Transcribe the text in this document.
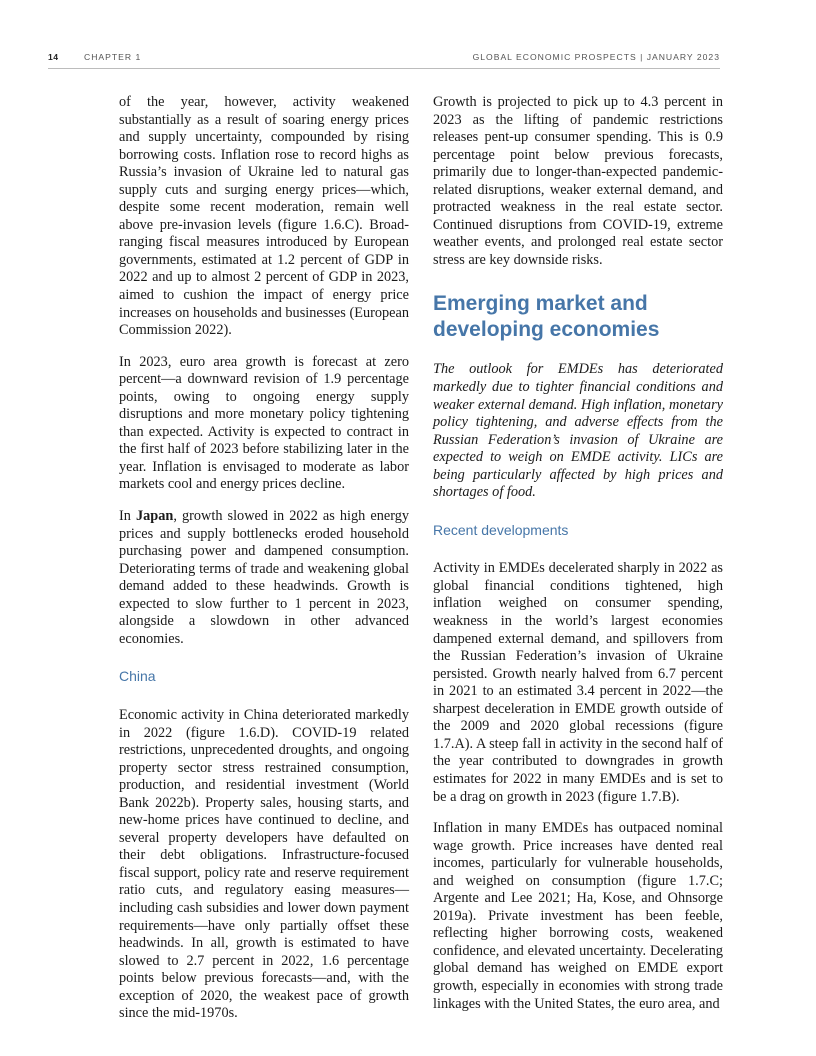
14	CHAPTER 1	GLOBAL ECONOMIC PROSPECTS | JANUARY 2023

of the year, however, activity weakened substantially as a result of soaring energy prices and supply uncertainty, compounded by rising borrowing costs. Inflation rose to record highs as Russia’s invasion of Ukraine led to natural gas supply cuts and surging energy prices—which, despite some recent moderation, remain well above pre-invasion levels (figure 1.6.C). Broad-ranging fiscal measures introduced by European governments, estimated at 1.2 percent of GDP in 2022 and up to almost 2 percent of GDP in 2023, aimed to cushion the impact of energy price increases on households and businesses (European Commission 2022).

In 2023, euro area growth is forecast at zero percent—a downward revision of 1.9 percentage points, owing to ongoing energy supply disruptions and more monetary policy tightening than expected. Activity is expected to contract in the first half of 2023 before stabilizing later in the year. Inflation is envisaged to moderate as labor markets cool and energy prices decline.

In Japan, growth slowed in 2022 as high energy prices and supply bottlenecks eroded household purchasing power and dampened consumption. Deteriorating terms of trade and weakening global demand added to these headwinds. Growth is expected to slow further to 1 percent in 2023, alongside a slowdown in other advanced economies.

China

Economic activity in China deteriorated markedly in 2022 (figure 1.6.D). COVID-19 related restrictions, unprecedented droughts, and ongoing property sector stress restrained consumption, production, and residential investment (World Bank 2022b). Property sales, housing starts, and new-home prices have continued to decline, and several property developers have defaulted on their debt obligations. Infrastructure-focused fiscal support, policy rate and reserve requirement ratio cuts, and regulatory easing measures—including cash subsidies and lower down payment requirements—have only partially offset these headwinds. In all, growth is estimated to have slowed to 2.7 percent in 2022, 1.6 percentage points below previous forecasts—and, with the exception of 2020, the weakest pace of growth since the mid-1970s.

Growth is projected to pick up to 4.3 percent in 2023 as the lifting of pandemic restrictions releases pent-up consumer spending. This is 0.9 percentage point below previous forecasts, primarily due to longer-than-expected pandemic-related disruptions, weaker external demand, and protracted weakness in the real estate sector. Continued disruptions from COVID-19, extreme weather events, and prolonged real estate sector stress are key downside risks.

Emerging market and developing economies

The outlook for EMDEs has deteriorated markedly due to tighter financial conditions and weaker external demand. High inflation, monetary policy tightening, and adverse effects from the Russian Federation’s invasion of Ukraine are expected to weigh on EMDE activity. LICs are being particularly affected by high prices and shortages of food.

Recent developments

Activity in EMDEs decelerated sharply in 2022 as global financial conditions tightened, high inflation weighed on consumer spending, weakness in the world’s largest economies dampened external demand, and spillovers from the Russian Federation’s invasion of Ukraine persisted. Growth nearly halved from 6.7 percent in 2021 to an estimated 3.4 percent in 2022—the sharpest deceleration in EMDE growth outside of the 2009 and 2020 global recessions (figure 1.7.A). A steep fall in activity in the second half of the year contributed to downgrades in growth estimates for 2022 in many EMDEs and is set to be a drag on growth in 2023 (figure 1.7.B).

Inflation in many EMDEs has outpaced nominal wage growth. Price increases have dented real incomes, particularly for vulnerable households, and weighed on consumption (figure 1.7.C; Argente and Lee 2021; Ha, Kose, and Ohnsorge 2019a). Private investment has been feeble, reflecting higher borrowing costs, weakened confidence, and elevated uncertainty. Decelerating global demand has weighed on EMDE export growth, especially in economies with strong trade linkages with the United States, the euro area, and
